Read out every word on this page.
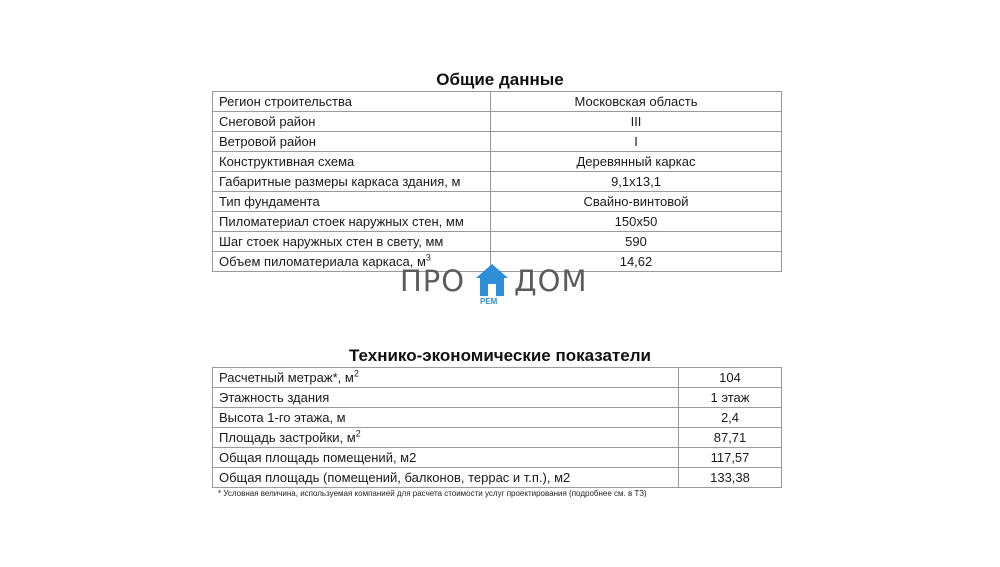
Общие данные
Регион строительства	Московская область
Снеговой район	III
Ветровой район	I
Конструктивная схема	Деревянный каркас
Габаритные размеры каркаса здания, м	9,1х13,1
Тип фундамента	Свайно-винтовой
Пиломатериал стоек наружных стен, мм	150х50
Шаг стоек наружных стен в свету, мм	590
Объем пиломатериала каркаса, $м^3$	14,62
ПРО
РЕМ
ДОМ
Технико-экономические показатели
Расчетный метраж*, $м^2$	104
Этажность здания	1 этаж
Высота 1-го этажа, м	2,4
Площадь застройки, $м^2$	87,71
Общая площадь помещений, м2	117,57
Общая площадь (помещений, балконов, террас и т.п.), м2	133,38
* Условная величина, используемая компанией для расчета стоимости услуг проектирования (подробнее см. в ТЗ)
